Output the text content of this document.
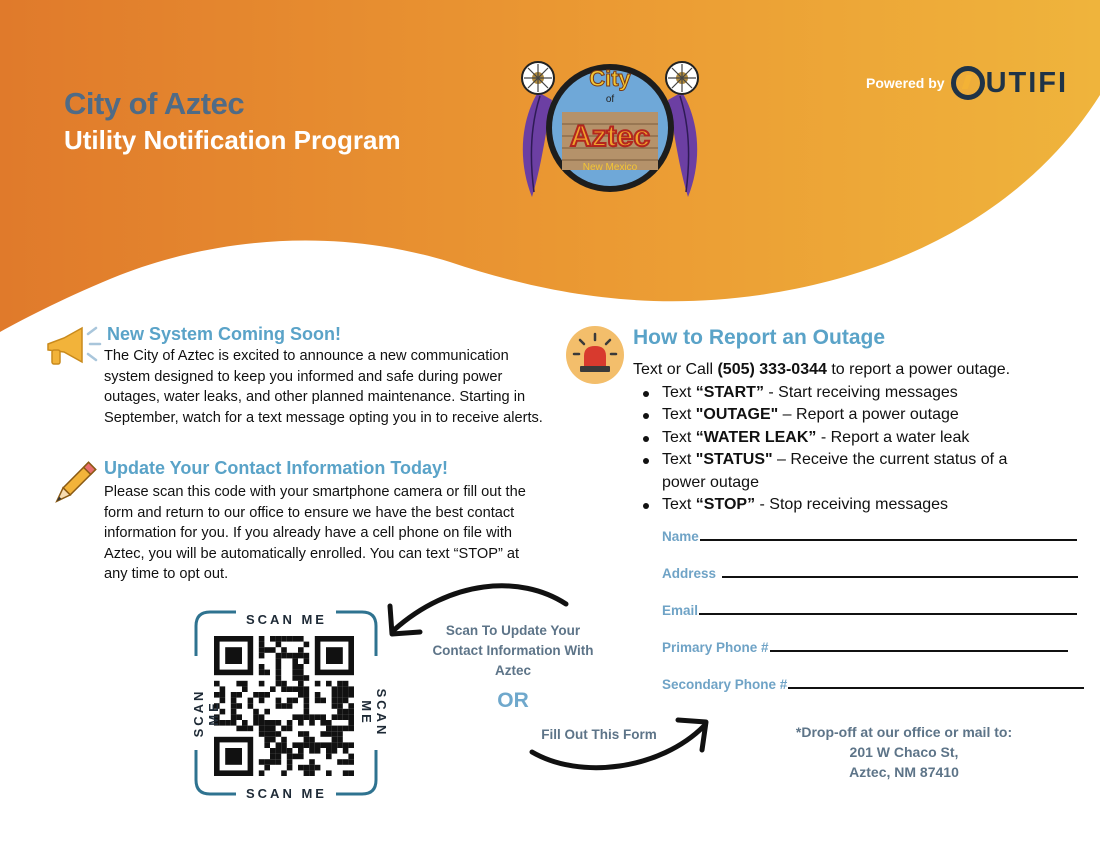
City of Aztec
Utility Notification Program
Powered by UTIFI
City
of
Aztec
New Mexico
New System Coming Soon!
The City of Aztec is excited to announce a new communication system designed to keep you informed and safe during power outages, water leaks, and other planned maintenance. Starting in September, watch for a text message opting you in to receive alerts.
Update Your Contact Information Today!
Please scan this code with your smartphone camera or fill out the form and return to our office to ensure we have the best contact information for you. If you already have a cell phone on file with Aztec, you will be automatically enrolled. You can text “STOP” at any time to opt out.
SCAN ME
SCAN ME
SCAN ME	SCAN ME
Scan To Update Your Contact Information With Aztec
OR
Fill Out This Form
How to Report an Outage
Text or Call (505) 333-0344 to report a power outage.
Text “START” - Start receiving messages
Text "OUTAGE" – Report a power outage
Text “WATER LEAK” - Report a water leak
Text "STATUS" – Receive the current status of a power outage
Text “STOP” - Stop receiving messages
Name
Address
Email
Primary Phone #
Secondary Phone #
*Drop-off at our office or mail to:
201 W Chaco St,
Aztec, NM 87410
